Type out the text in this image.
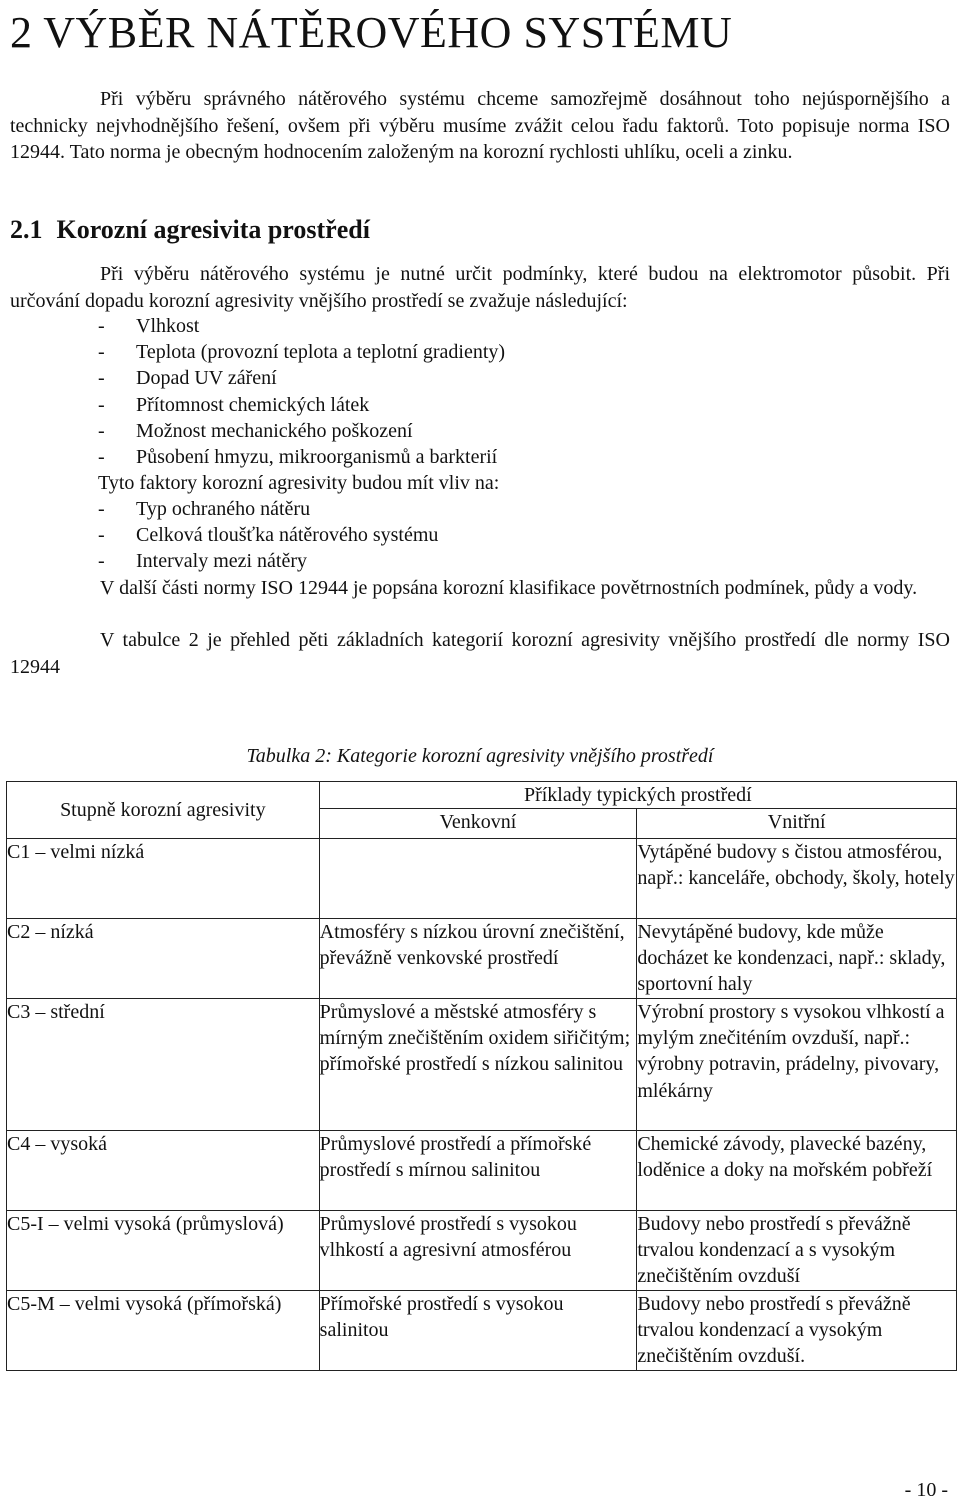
2 VÝBĚR NÁTĚROVÉHO SYSTÉMU

Při výběru správného nátěrového systému chceme samozřejmě dosáhnout toho nejúspornějšího a technicky nejvhodnějšího řešení, ovšem při výběru musíme zvážit celou řadu faktorů. Toto popisuje norma ISO 12944. Tato norma je obecným hodnocením založeným na korozní rychlosti uhlíku, oceli a zinku.

2.1 Korozní agresivita prostředí

Při výběru nátěrového systému je nutné určit podmínky, které budou na elektromotor působit. Při určování dopadu korozní agresivity vnějšího prostředí se zvažuje následující:

-	Vlhkost
-	Teplota (provozní teplota a teplotní gradienty)
-	Dopad UV záření
-	Přítomnost chemických látek
-	Možnost mechanického poškození
-	Působení hmyzu, mikroorganismů a barkterií

Tyto faktory korozní agresivity budou mít vliv na:

-	Typ ochraného nátěru
-	Celková tloušťka nátěrového systému
-	Intervaly mezi nátěry

V další části normy ISO 12944 je popsána korozní klasifikace povětrnostních podmínek, půdy a vody.

V tabulce 2 je přehled pěti základních kategorií korozní agresivity vnějšího prostředí dle normy ISO 12944

Tabulka 2: Kategorie korozní agresivity vnějšího prostředí
Stupně korozní agresivity	Příklady typických prostředí	
	Venkovní	Vnitřní
C1 – velmi nízká		Vytápěné budovy s čistou atmosférou, např.: kanceláře, obchody, školy, hotely
C2 – nízká	Atmosféry s nízkou úrovní znečištění, převážně venkovské prostředí	Nevytápěné budovy, kde může docházet ke kondenzaci, např.: sklady, sportovní haly
C3 – střední	Průmyslové a městské atmosféry s mírným znečištěním oxidem siřičitým; přímořské prostředí s nízkou salinitou	Výrobní prostory s vysokou vlhkostí a mylým znečiténím ovzduší, např.: výrobny potravin, prádelny, pivovary, mlékárny
C4 – vysoká	Průmyslové prostředí a přímořské prostředí s mírnou salinitou	Chemické závody, plavecké bazény, loděnice a doky na mořském pobřeží
C5-I – velmi vysoká (průmyslová)	Průmyslové prostředí s vysokou vlhkostí a agresivní atmosférou	Budovy nebo prostředí s převážně trvalou kondenzací a s vysokým znečištěním ovzduší
C5-M – velmi vysoká (přímořská)	Přímořské prostředí s vysokou salinitou	Budovy nebo prostředí s převážně trvalou kondenzací a vysokým znečištěním ovzduší.
- 10 -
